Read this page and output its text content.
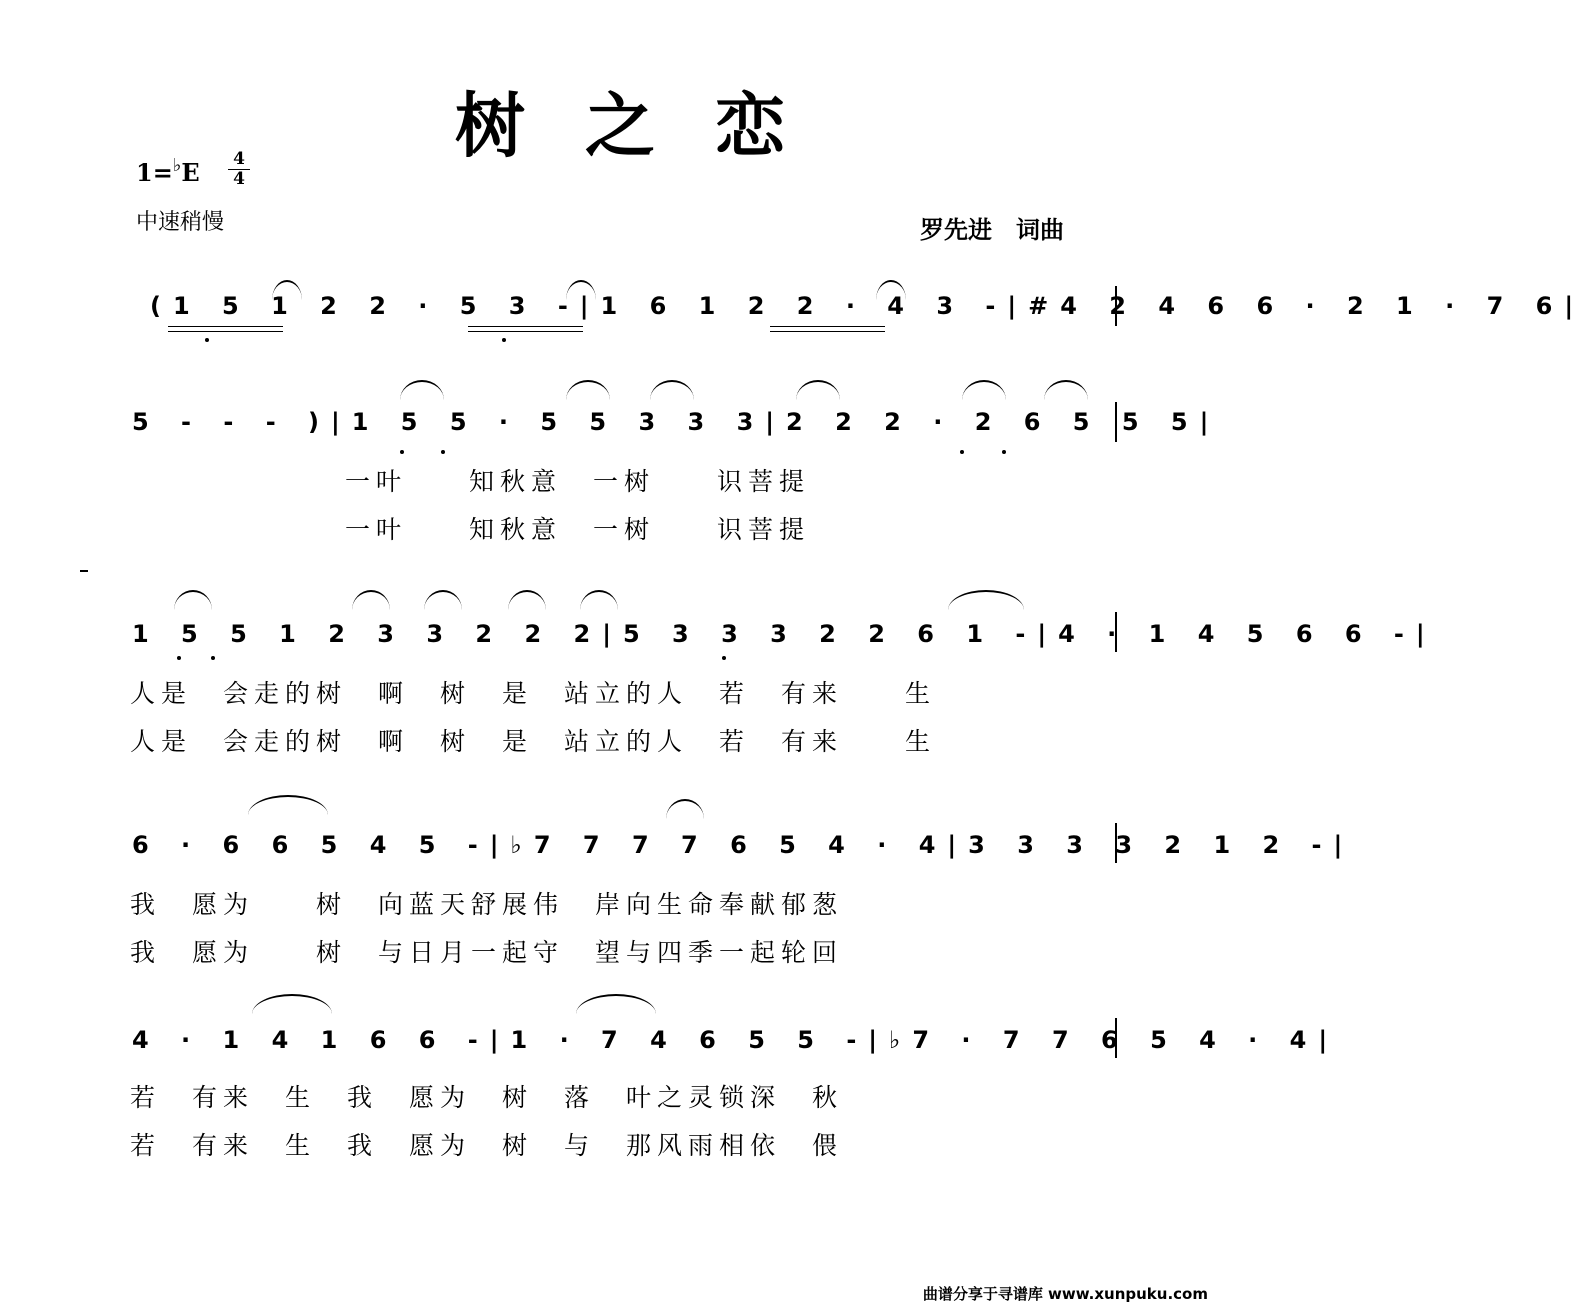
树之恋
1=♭E 4
4
中速稍慢	罗先进　词曲
(1 5 1 2 2 · 5 3 -|1 6 1 2 2 · 4 3 -|#4 2 4 6 6 · 2 1 · 7 6|
5 - - - )|1 5 5 · 5 5 3 3 3|2 2 2 · 2 6 5 5 5|
一叶　　知秋意　一树　　识菩提
一叶　　知秋意　一树　　识菩提
1 5 5 1 2 3 3 2 2 2|5 3 3 3 2 2 6 1 -|4 · 1 4 5 6 6 -|
人是　会走的树　啊　树　是　站立的人　若　有来　　生
人是　会走的树　啊　树　是　站立的人　若　有来　　生
6 · 6 6 5 4 5 -|♭7 7 7 7 6 5 4 · 4|3 3 3 3 2 1 2 -|
我　愿为　　树　向蓝天舒展伟　岸向生命奉献郁葱
我　愿为　　树　与日月一起守　望与四季一起轮回
4 · 1 4 1 6 6 -|1 · 7 4 6 5 5 -|♭7 · 7 7 6 5 4 · 4|
若　有来　生　我　愿为　树　落　叶之灵锁深　秋
若　有来　生　我　愿为　树　与　那风雨相依　偎
曲谱分享于寻谱库 www.xunpuku.com
